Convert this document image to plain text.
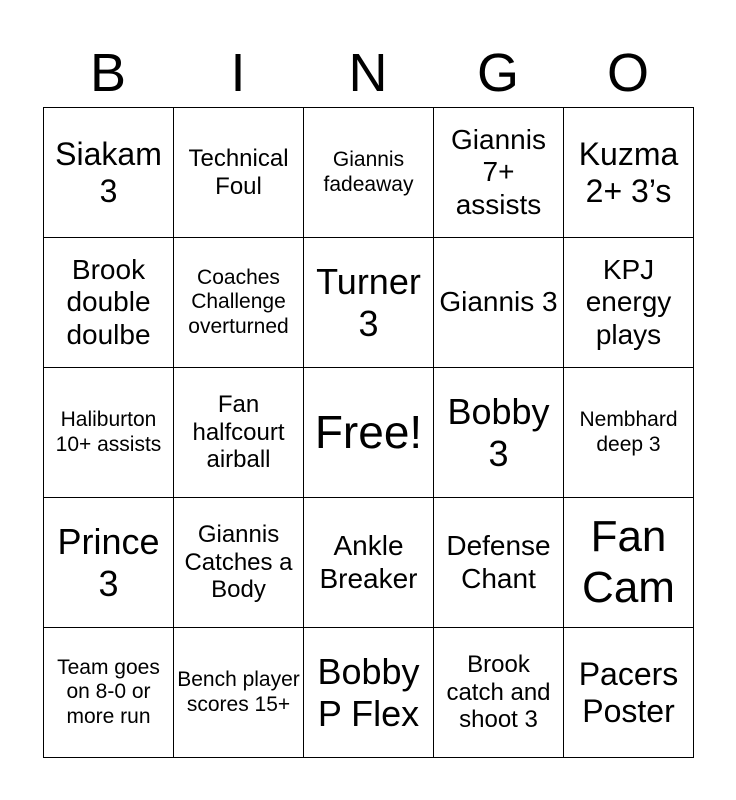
B	I	N	G	O
Siakam 3	Technical Foul	Giannis fadeaway	Giannis 7+ assists	Kuzma 2+ 3’s
Brook double doulbe	Coaches Challenge overturned	Turner 3	Giannis 3	KPJ energy plays
Haliburton 10+ assists	Fan halfcourt airball	Free!	Bobby 3	Nembhard deep 3
Prince 3	Giannis Catches a Body	Ankle Breaker	Defense Chant	Fan Cam
Team goes on 8-0 or more run	Bench player scores 15+	Bobby P Flex	Brook catch and shoot 3	Pacers Poster
